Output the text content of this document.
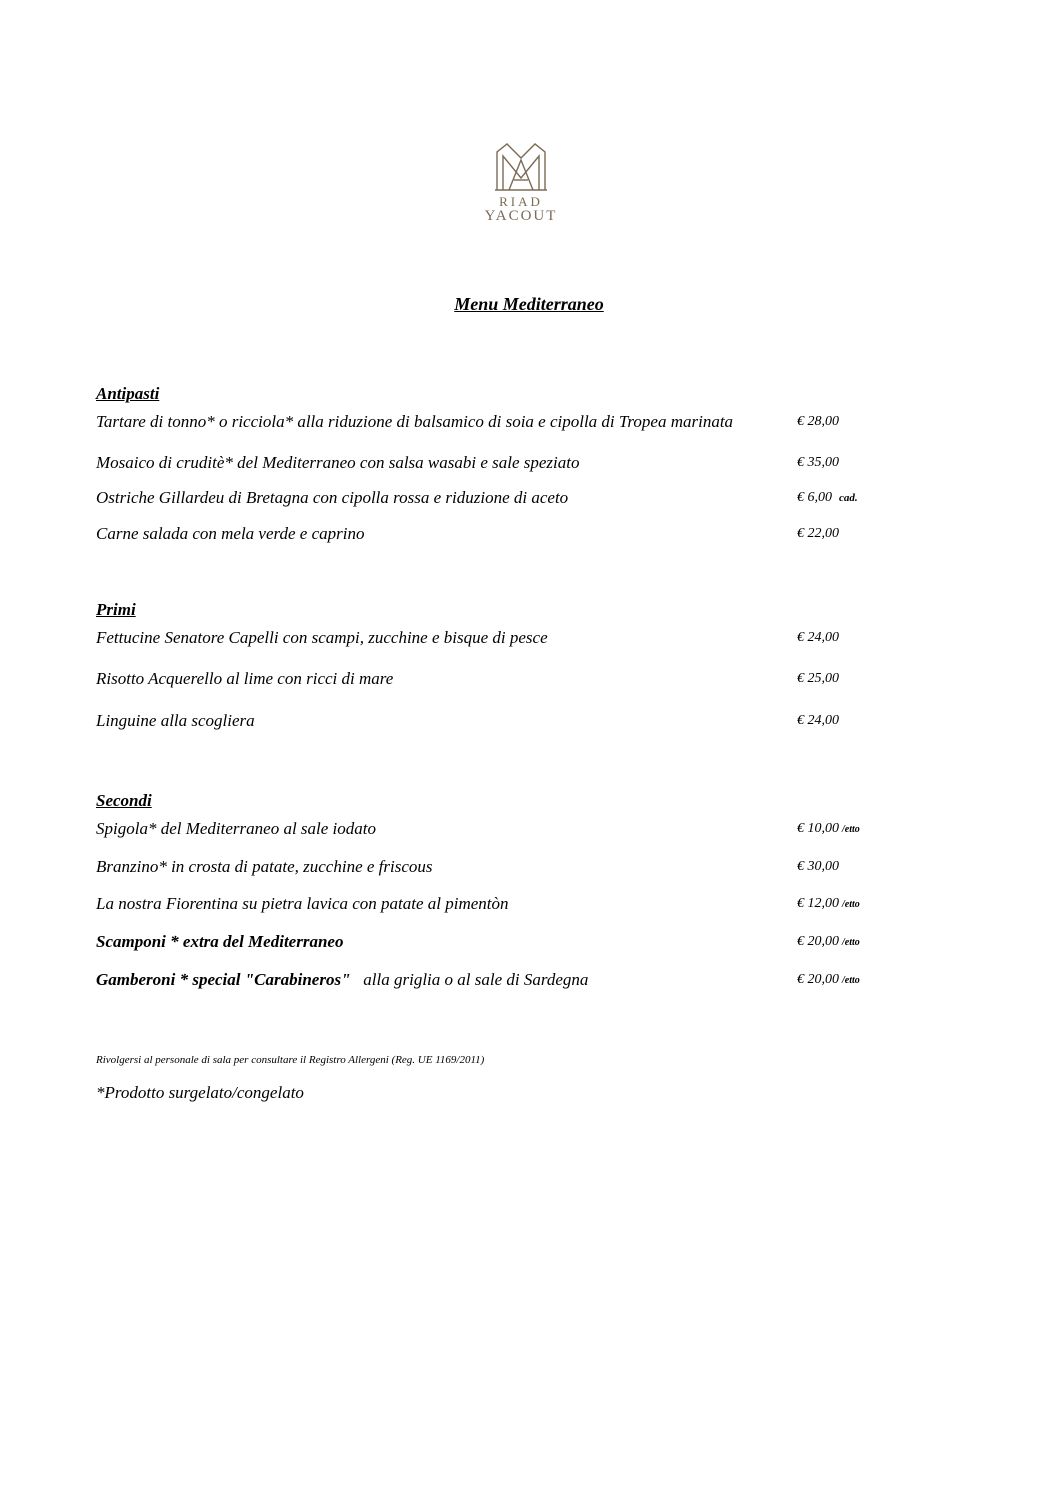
RIAD
YACOUT
Menu Mediterraneo
Antipasti
Tartare di tonno* o ricciola* alla riduzione di balsamico di soia e cipolla di Tropea marinata	€ 28,00
Mosaico di cruditè* del Mediterraneo con salsa wasabi e sale speziato	€ 35,00
Ostriche Gillardeu di Bretagna con cipolla rossa e riduzione di aceto	€ 6,00 cad.
Carne salada con mela verde e caprino	€ 22,00
Primi
Fettucine Senatore Capelli con scampi, zucchine e bisque di pesce	€ 24,00
Risotto Acquerello al lime con ricci di mare	€ 25,00
Linguine alla scogliera	€ 24,00
Secondi
Spigola* del Mediterraneo al sale iodato	€ 10,00 /etto
Branzino* in crosta di patate, zucchine e friscous	€ 30,00
La nostra Fiorentina su pietra lavica con patate al pimentòn	€ 12,00 /etto
Scamponi * extra del Mediterraneo	€ 20,00 /etto
Gamberoni * special "Carabineros" alla griglia o al sale di Sardegna	€ 20,00 /etto
Rivolgersi al personale di sala per consultare il Registro Allergeni (Reg. UE 1169/2011)
*Prodotto surgelato/congelato
